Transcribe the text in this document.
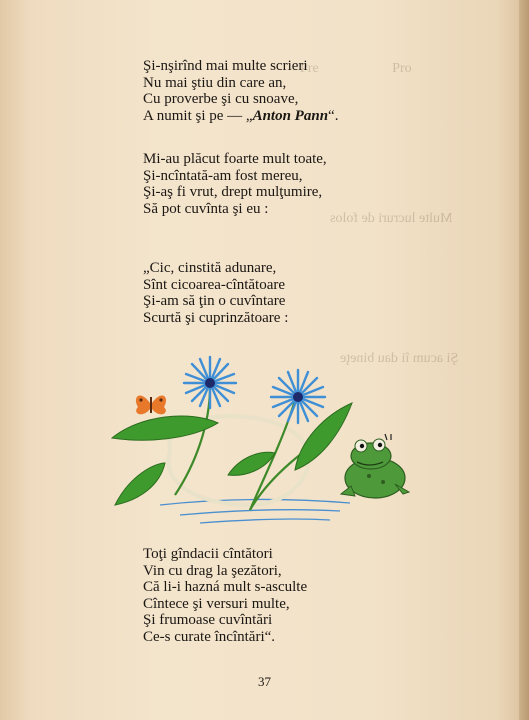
Pre                     Pro
Multe lucruri de folos
Şi acum îi dau bineţe
Şi-nşirînd mai multe scrieri
Nu mai ştiu din care an,
Cu proverbe şi cu snoave,
A numit şi pe — „Anton Pann“.
Mi-au plăcut foarte mult toate,
Şi-ncîntată-am fost mereu,
Şi-aş fi vrut, drept mulţumire,
Să pot cuvînta şi eu :
„Cic, cinstită adunare,
Sînt cicoarea-cîntătoare
Şi-am să ţin o cuvîntare
Scurtă şi cuprinzătoare :
Toţi gîndacii cîntători
Vin cu drag la şezători,
Că li-i hazná mult s-asculte
Cîntece şi versuri multe,
Şi frumoase cuvîntări
Ce-s curate încîntări“.
37
